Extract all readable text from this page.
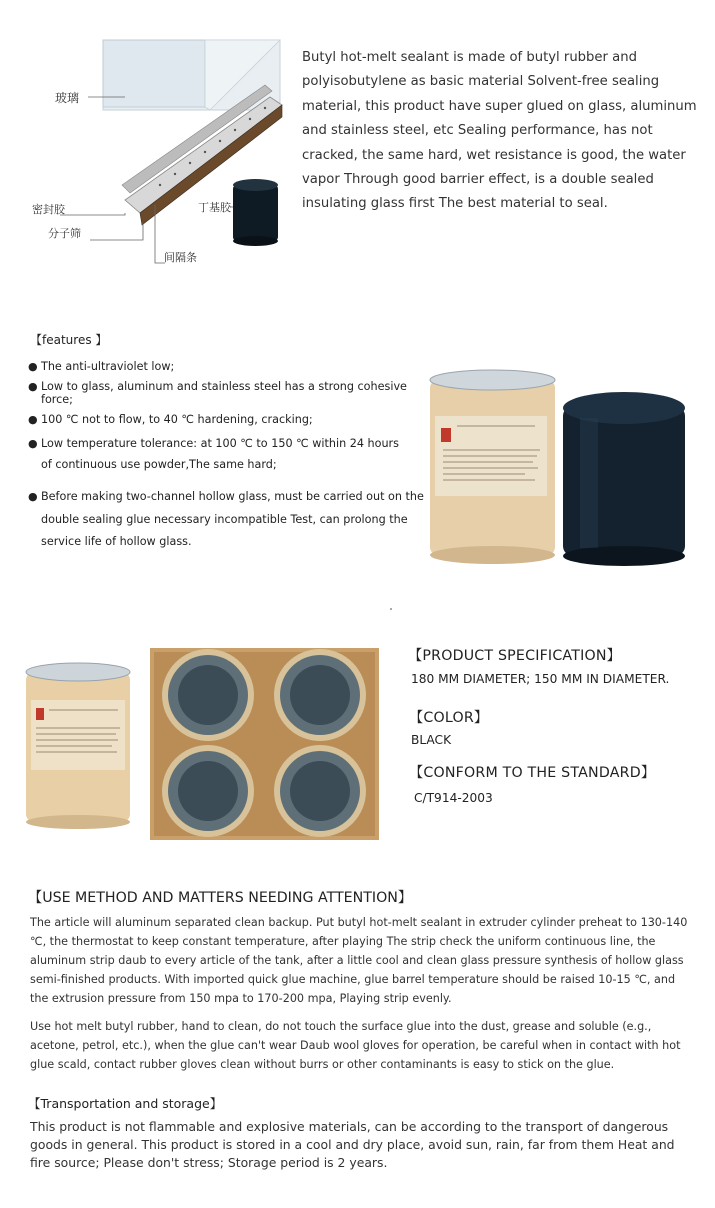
玻璃
密封胶
分子筛
间隔条
丁基胶

Butyl hot-melt sealant is made of butyl rubber and polyisobutylene as basic material Solvent-free sealing material, this product have super glued on glass, aluminum and stainless steel, etc Sealing performance, has not cracked, the same hard, wet resistance is good, the water vapor Through good barrier effect, is a double sealed insulating glass first The best material to seal.

【features 】
● The anti-ultraviolet low;
● Low to glass, aluminum and stainless steel has a strong cohesive force;
● 100 ℃ not to flow, to 40 ℃ hardening, cracking;
● Low temperature tolerance: at 100 ℃ to 150 ℃ within 24 hours of continuous use powder,The same hard;
● Before making two-channel hollow glass, must be carried out on the double sealing glue necessary incompatible Test, can prolong the service life of hollow glass.
【PRODUCT SPECIFICATION】
180 MM DIAMETER; 150 MM IN DIAMETER.
【COLOR】
BLACK
【CONFORM TO THE STANDARD】
C/T914-2003
【USE METHOD AND MATTERS NEEDING ATTENTION】

The article will aluminum separated clean backup. Put butyl hot-melt sealant in extruder cylinder preheat to 130-140 ℃, the thermostat to keep constant temperature, after playing The strip check the uniform continuous line, the aluminum strip daub to every article of the tank, after a little cool and clean glass pressure synthesis of hollow glass semi-finished products. With imported quick glue machine, glue barrel temperature should be raised 10-15 ℃, and the extrusion pressure from 150 mpa to 170-200 mpa, Playing strip evenly.

Use hot melt butyl rubber, hand to clean, do not touch the surface glue into the dust, grease and soluble (e.g., acetone, petrol, etc.), when the glue can't wear Daub wool gloves for operation, be careful when in contact with hot glue scald, contact rubber gloves clean without burrs or other contaminants is easy to stick on the glue.

【Transportation and storage】

This product is not flammable and explosive materials, can be according to the transport of dangerous goods in general. This product is stored in a cool and dry place, avoid sun, rain, far from them Heat and fire source; Please don't stress; Storage period is 2 years.
